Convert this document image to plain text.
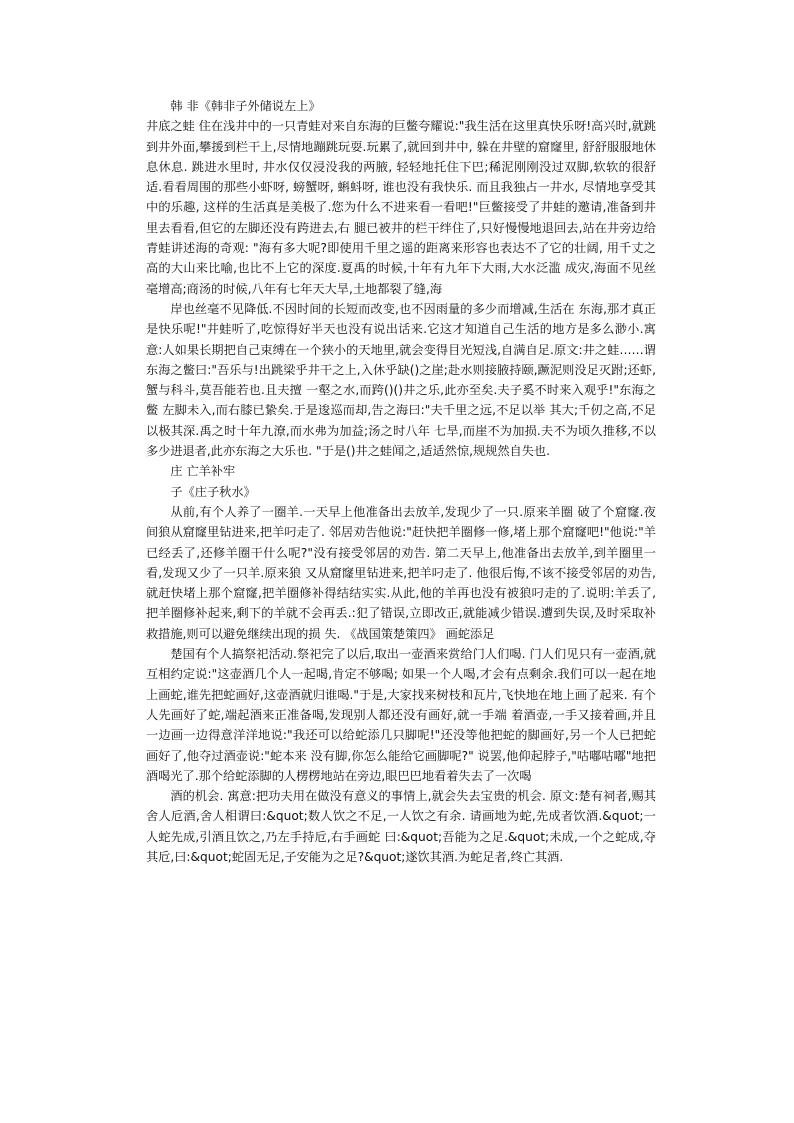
韩 非《韩非子外储说左上》

井底之蛙 住在浅井中的一只青蛙对来自东海的巨鳖夸耀说:"我生活在这里真快乐呀!高兴时,就跳到井外面,攀援到栏干上,尽情地蹦跳玩耍.玩累了,就回到井中, 躲在井壁的窟窿里, 舒舒服服地休息休息. 跳进水里时, 井水仅仅浸没我的两腋, 轻轻地托住下巴;稀泥刚刚没过双脚,软软的很舒适.看看周围的那些小虾呀, 螃蟹呀, 蝌蚪呀, 谁也没有我快乐. 而且我独占一井水, 尽情地享受其中的乐趣, 这样的生活真是美极了.您为什么不进来看一看吧!"巨鳖接受了井蛙的邀请,准备到井里去看看,但它的左脚还没有跨进去,右 腿已被井的栏干绊住了,只好慢慢地退回去,站在井旁边给青蛙讲述海的奇观: "海有多大呢?即使用千里之遥的距离来形容也表达不了它的壮阔, 用千丈之高的大山来比喻,也比不上它的深度.夏禹的时候,十年有九年下大雨,大水泛滥 成灾,海面不见丝毫增高;商汤的时候,八年有七年天大旱,土地都裂了缝,海

岸也丝毫不见降低.不因时间的长短而改变,也不因雨量的多少而增减,生活在 东海,那才真正是快乐呢!"井蛙听了,吃惊得好半天也没有说出话来.它这才知道自己生活的地方是多么渺小.寓意:人如果长期把自己束缚在一个狭小的天地里,就会变得目光短浅,自满自足.原文:井之蛙……谓东海之鳖曰:"吾乐与!出跳梁乎井干之上,入休乎缺()之崖;赴水则接腋持颐,蹶泥则没足灭跗;还虾,蟹与科斗,莫吾能若也.且夫擅 一壑之水,而跨()()井之乐,此亦至矣.夫子奚不时来入观乎!"东海之鳖 左脚未入,而右膝已絷矣.于是逡巡而却,告之海曰:"夫千里之远,不足以举 其大;千仞之高,不足以极其深.禹之时十年九潦,而水弗为加益;汤之时八年 七旱,而崖不为加损.夫不为顷久推移,不以多少进退者,此亦东海之大乐也. "于是()井之蛙闻之,适适然惊,规规然自失也.

庄 亡羊补牢

子《庄子秋水》

从前,有个人养了一圈羊.一天早上他准备出去放羊,发现少了一只.原来羊圈 破了个窟窿.夜间狼从窟窿里钻进来,把羊叼走了. 邻居劝告他说:"赶快把羊圈修一修,堵上那个窟窿吧!"他说:"羊已经丢了,还修羊圈干什么呢?"没有接受邻居的劝告. 第二天早上,他准备出去放羊,到羊圈里一看,发现又少了一只羊.原来狼 又从窟窿里钻进来,把羊叼走了. 他很后悔,不该不接受邻居的劝告,就赶快堵上那个窟窿,把羊圈修补得结结实实.从此,他的羊再也没有被狼叼走的了.说明:羊丢了,把羊圈修补起来,剩下的羊就不会再丢.:犯了错误,立即改正,就能减少错误.遭到失误,及时采取补救措施,则可以避免继续出现的损 失. 《战国策楚策四》 画蛇添足

楚国有个人搞祭祀活动.祭祀完了以后,取出一壶酒来赏给门人们喝. 门人们见只有一壶酒,就互相约定说:"这壶酒几个人一起喝,肯定不够喝; 如果一个人喝,才会有点剩余.我们可以一起在地上画蛇,谁先把蛇画好,这壶酒就归谁喝."于是,大家找来树枝和瓦片,飞快地在地上画了起来. 有个人先画好了蛇,端起酒来正准备喝,发现别人都还没有画好,就一手端 着酒壶,一手又接着画,并且一边画一边得意洋洋地说:"我还可以给蛇添几只脚呢!"还没等他把蛇的脚画好,另一个人已把蛇画好了,他夺过酒壶说:"蛇本来 没有脚,你怎么能给它画脚呢?" 说罢,他仰起脖子,"咕嘟咕嘟"地把酒喝光了.那个给蛇添脚的人楞楞地站在旁边,眼巴巴地看着失去了一次喝

酒的机会. 寓意:把功夫用在做没有意义的事情上,就会失去宝贵的机会. 原文:楚有祠者,赐其舍人卮酒,舍人相谓曰:&quot;数人饮之不足,一人饮之有余. 请画地为蛇,先成者饮酒.&quot;一人蛇先成,引酒且饮之,乃左手持卮,右手画蛇 曰:&quot;吾能为之足.&quot;未成,一个之蛇成,夺其卮,曰:&quot;蛇固无足,子安能为之足?&quot;遂饮其酒.为蛇足者,终亡其酒.
